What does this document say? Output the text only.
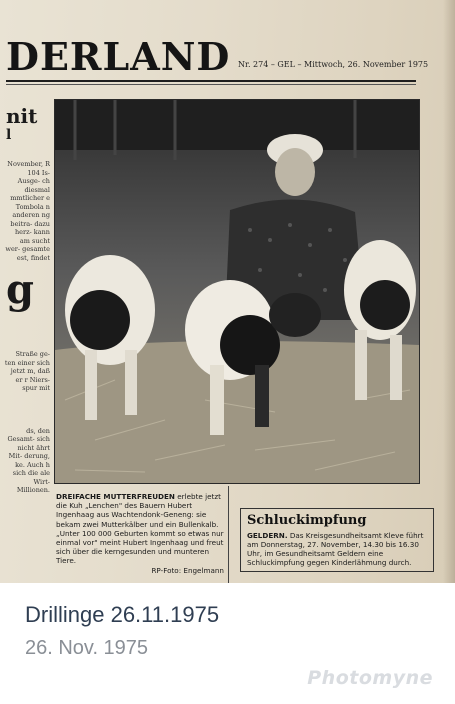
DERLAND Nr. 274 – GEL – Mittwoch, 26. November 1975
nit
l
November, R 104 Is- Ausge- ch diesmal mmtlicher e Tombola n anderen ng beitra- dazu herz- kann am sucht wer- gesamte est, findet
g
Straße ge- ten einer sich jetzt m, daß er r Niers- spur mit
ds, den Gesamt- sich nicht ährt Mit- derung, ke. Auch h sich die ale Wirt- Millionen.
DREIFACHE MUTTERFREUDEN erlebte jetzt die Kuh „Lenchen" des Bauern Hubert Ingenhaag aus Wachtendonk-Geneng: sie bekam zwei Mutterkälber und ein Bullenkalb. „Unter 100 000 Geburten kommt so etwas nur einmal vor" meint Hubert Ingenhaag und freut sich über die kerngesunden und munteren Tiere.
RP-Foto: Engelmann
Schluckimpfung
GELDERN. Das Kreisgesundheitsamt Kleve führt am Donnerstag, 27. November, 14.30 bis 16.30 Uhr, im Gesundheitsamt Geldern eine Schluckimpfung gegen Kinderlähmung durch.
Drillinge 26.11.1975
26. Nov. 1975
Photomyne
